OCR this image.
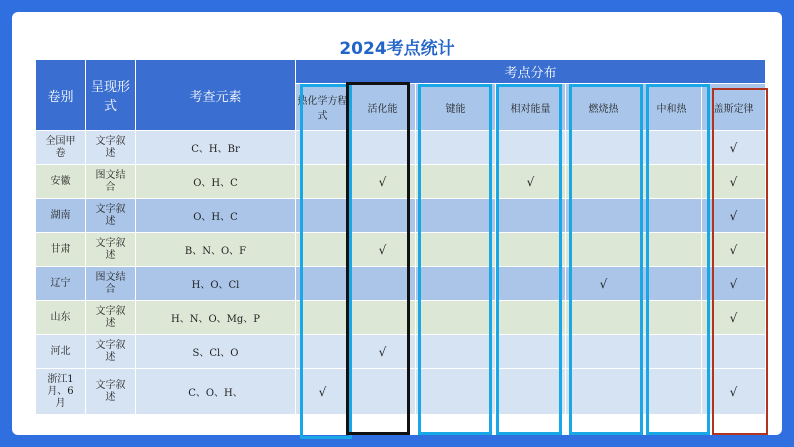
2024考点统计
卷别	呈现形式	考查元素	考点分布						
			热化学方程式	活化能	键能	相对能量	燃烧热	中和热	盖斯定律
全国甲卷	文字叙述	C、H、Br							√
安徽	图文结合	O、H、C		√		√			√
湖南	文字叙述	O、H、C							√
甘肃	文字叙述	B、N、O、F		√					√
辽宁	图文结合	H、O、Cl					√		√
山东	文字叙述	H、N、O、Mg、P							√
河北	文字叙述	S、Cl、O		√					
浙江1月、6月	文字叙述	C、O、H、	√						√
